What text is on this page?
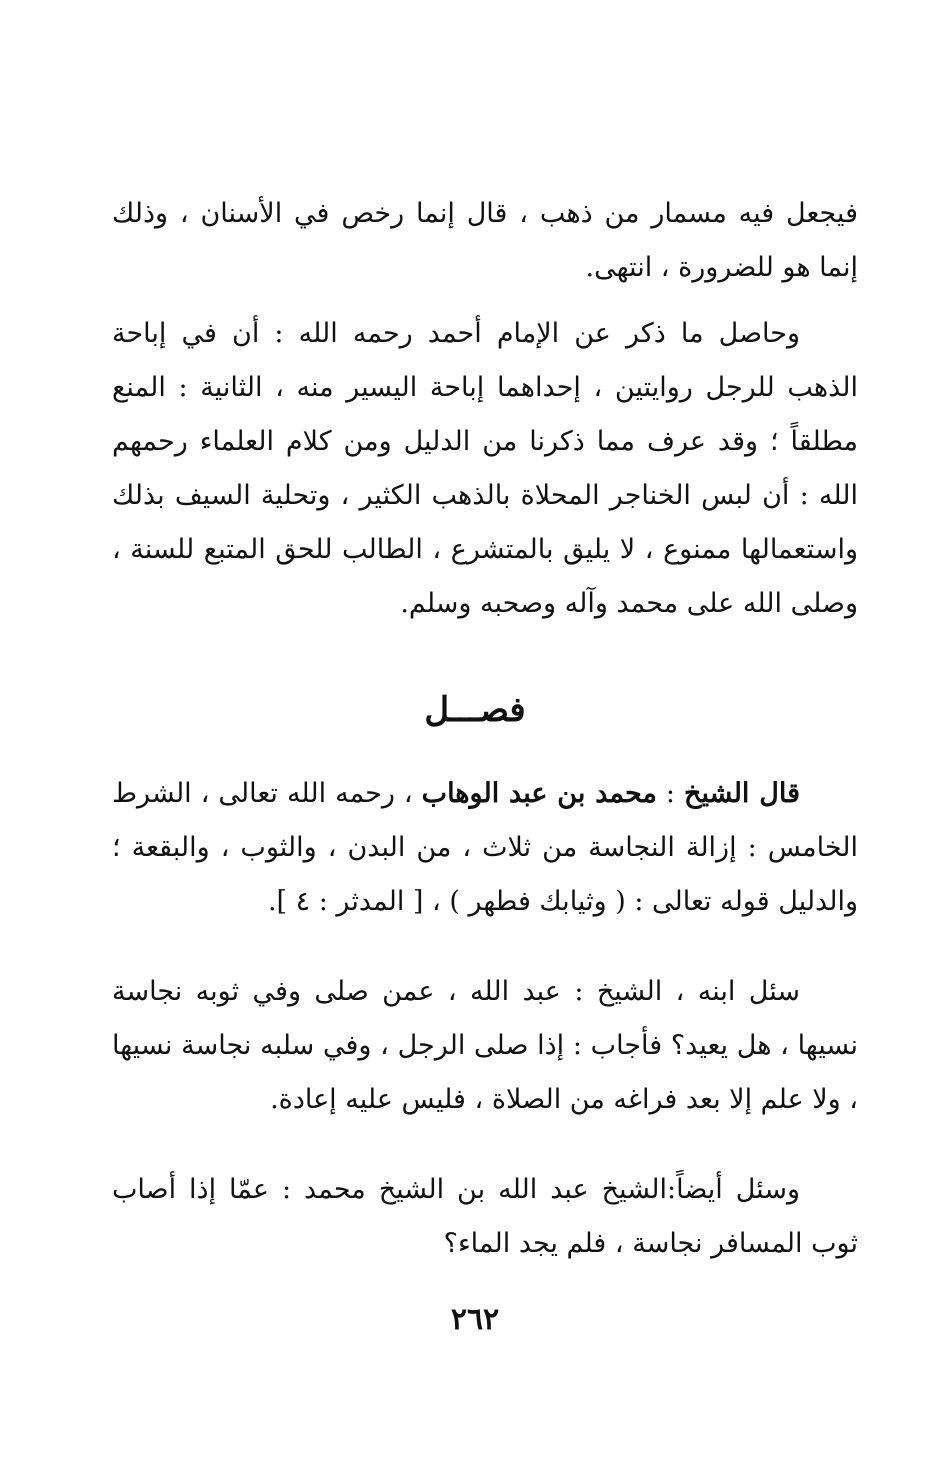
فيجعل فيه مسمار من ذهب ، قال إنما رخص في الأسنان ، وذلك إنما هو للضرورة ، انتهى.

وحاصل ما ذكر عن الإمام أحمد رحمه الله : أن في إباحة الذهب للرجل روايتين ، إحداهما إباحة اليسير منه ، الثانية : المنع مطلقاً ؛ وقد عرف مما ذكرنا من الدليل ومن كلام العلماء رحمهم الله : أن لبس الخناجر المحلاة بالذهب الكثير ، وتحلية السيف بذلك واستعمالها ممنوع ، لا يليق بالمتشرع ، الطالب للحق المتبع للسنة ، وصلى الله على محمد وآله وصحبه وسلم.

فصـــل

قال الشيخ : محمد بن عبد الوهاب ، رحمه الله تعالى ، الشرط الخامس : إزالة النجاسة من ثلاث ، من البدن ، والثوب ، والبقعة ؛ والدليل قوله تعالى : ( وثيابك فطهر ) ، [ المدثر : ٤ ].

سئل ابنه ، الشيخ : عبد الله ، عمن صلى وفي ثوبه نجاسة نسيها ، هل يعيد؟ فأجاب : إذا صلى الرجل ، وفي سلبه نجاسة نسيها ، ولا علم إلا بعد فراغه من الصلاة ، فليس عليه إعادة.

وسئل أيضاً:الشيخ عبد الله بن الشيخ محمد : عمّا إذا أصاب ثوب المسافر نجاسة ، فلم يجد الماء؟

٢٦٢
